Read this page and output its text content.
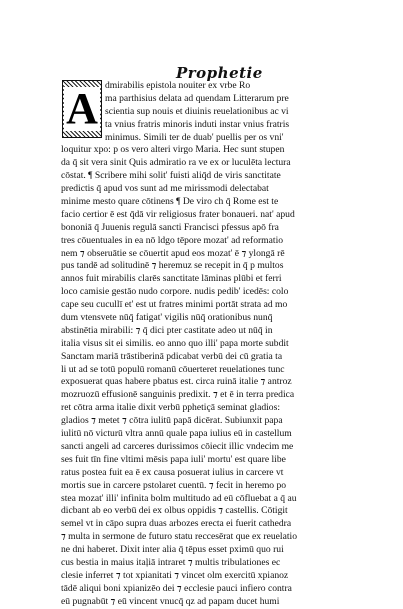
Prophetie
A dmirabilis epistola nouiter ex vrbe Ro
ma parthisius delata ad quendam Litterarum pre
scientia sup nouis et diuinis reuelationibus ac vi
ta vnius fratris minoris induti instar vnius fratris
minimus. Simili ter de duab' puellis per os vni'
loquitur xpo: p os vero alteri virgo Maria. Hec sunt stupen
da q̄ sit vera sinit Quis admiratio ra ve ex or luculēta lectura
cōstat. ¶ Scribere mihi solit' fuisti aliq̄d de viris sanctitate
predictis q̄ apud vos sunt ad me mirissmodi delectabat
minime mesto quare cōtinens ¶ De viro ch q̄ Rome est te
facio certior ē est q̄dā vir religiosus frater bonaueri. nat' apud
bononiā q̄ Juuenis regulā sancti Francisci pfessus apō fra
tres cōuentuales in ea nō ldgo tēpore mozat' ad reformatio
nem ⁊ obseruātie se cōuertit apud eos mozat' ē ⁊ ylongā rē
pus tandē ad solitudinē ⁊ heremuz se recepit in q̄ p multos
annos fuit mirabilis clarēs sanctitate lāminas plūbi et ferri
loco camisie gestāo nudo corpore. nudis pedib' icedēs: colo
cape seu cucullī et' est ut fratres minimi portāt strata ad mo
dum vtensvete nūq̄ fatigat' vigilis nūq̄ orationibus nunq̄
abstinētia mirabili: ⁊ q̄ dici pter castitate adeo ut nūq̄ in
italia visus sit ei similis. eo anno quo illi' papa morte subdit
Sanctam mariā trāstiberinā pdicabat verbū dei cū gratia ta
li ut ad se totū populū romanū cōuerteret reuelationes tunc
exposuerat quas habere pbatus est. circa ruinā italie ⁊ antroz
mozruozū effusionē sanguinis predixit. ⁊ et ē in terra predica
ret cōtra arma italie dixit verbū pphetiçā seminat gladios:
gladios ⁊ metet ⁊ cōtra iulitū papā dicērat. Subiunxit papa
iulitū nō victurū vltra annū quale papa iulius eū in castellum
sancti angeli ad carceres durissimos cōiecit illic vndecim me
ses fuit tīn fine vltimi mēsis papa iuli' mortu' est quare libe
ratus postea fuit ea ē ex causa posuerat iulius in carcere vt
mortis sue in carcere pstolaret cuentū. ⁊ fecit in heremo po
stea mozat' illi' infinita bolm multitudo ad eū cōfluebat a q̄ au
dicbant ab eo verbū dei ex olbus oppidis ⁊ castellis. Cōtigit
semel vt in cāpo supra duas arbozes erecta ei fuerit cathedra
⁊ multa in sermone de futuro statu reccesērat que ex reuelatio
ne dni haberet. Dixit inter alia q̄ tēpus esset pximū quo rui
cus bestia in maius itaļiā intraret ⁊ multis tribulationes ec
clesie inferret ⁊ tot xpianitati ⁊ vincet olm exercitū xpianoz
tādē aliqui boni xpianizēo dei ⁊ ecclesie pauci infiero contra
eū pugnabūt ⁊ eū vincent vnucq̄ qz ad papam ducet humi
